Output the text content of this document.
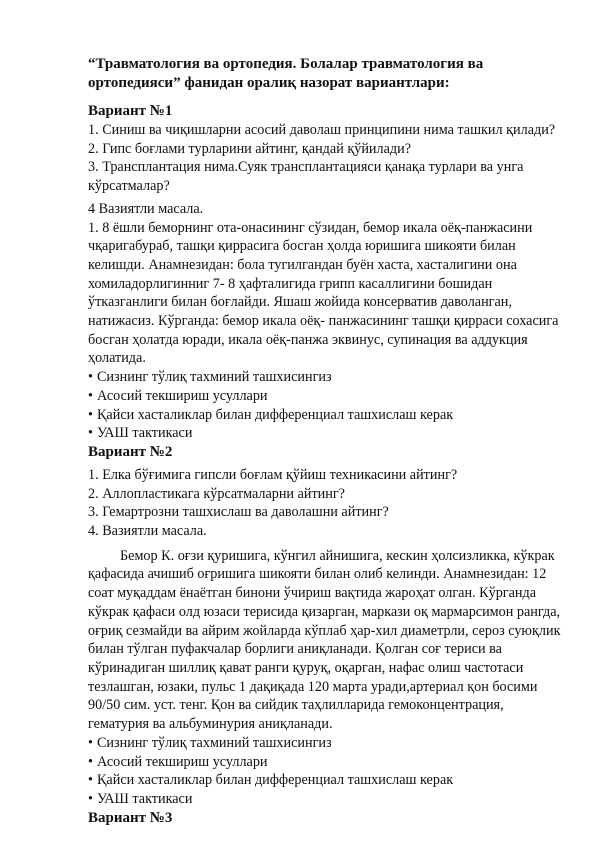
“Травматология ва ортопедия. Болалар травматология ва ортопедияси” фанидан оралиқ назорат вариантлари:

Вариант №1

1. Синиш ва чиқишларни асосий даволаш принципини нима ташкил қилади?

2. Гипс боғлами турларини айтинг, қандай қўйилади?

3. Трансплантация нима.Суяк трансплантацияси қанақа турлари ва унга кўрсатмалар?

4 Вазиятли масала.

1. 8 ёшли беморнинг ота-онасининг сўзидан, бемор икала оёқ-панжасини чқаригабураб, ташқи қиррасига босган ҳолда юришига шикояти билан келишди. Анамнезидан: бола тугилгандан буён хаста, хасталигини она хомиладорлигинниг 7- 8 ҳафталигида грипп касаллигини бошидан ўтказганлиги билан боғлайди. Яшаш жойида консерватив даволанган, натижасиз. Кўрганда: бемор икала оёқ- панжасининг ташқи қирраси сохасига босган ҳолатда юради, икала оёқ-панжа эквинус, супинация ва аддукция ҳолатида.

• Сизнинг тўлиқ тахминий ташхисингиз

• Асосий текшириш усуллари

• Қайси хасталиклар билан дифференциал ташхислаш керак

• УАШ тактикаси

Вариант №2

1. Елка бўғимига гипсли боғлам қўйиш техникасини айтинг?

2. Аллопластикага кўрсатмаларни айтинг?

3. Гемартрозни ташхислаш ва даволашни айтинг?

4. Вазиятли масала.

Бемор К. оғзи қуришига, кўнгил айнишига, кескин ҳолсизликка, кўкрак қафасида ачишиб оғришига шикояти билан олиб келинди. Анамнезидан: 12 соат муқаддам ёнаётган бинони ўчириш вақтида жароҳат олган. Кўрганда кўкрак қафаси олд юзаси терисида қизарган, маркази оқ мармарсимон рангда, оғриқ сезмайди ва айрим жойларда кўплаб ҳар-хил диаметрли, сероз суюқлик билан тўлган пуфакчалар борлиги аниқланади. Қолган соғ териси ва кўринадиган шиллиқ қават ранги қуруқ, оқарган, нафас олиш частотаси тезлашган, юзаки, пульс 1 дақиқада 120 марта уради,артериал қон босими 90/50 сим. уст. тенг. Қон ва сийдик таҳлилларида гемоконцентрация, гематурия ва альбуминурия аниқланади.

• Сизнинг тўлиқ тахминий ташхисингиз

• Асосий текшириш усуллари

• Қайси хасталиклар билан дифференциал ташхислаш керак

• УАШ тактикаси

Вариант №3
